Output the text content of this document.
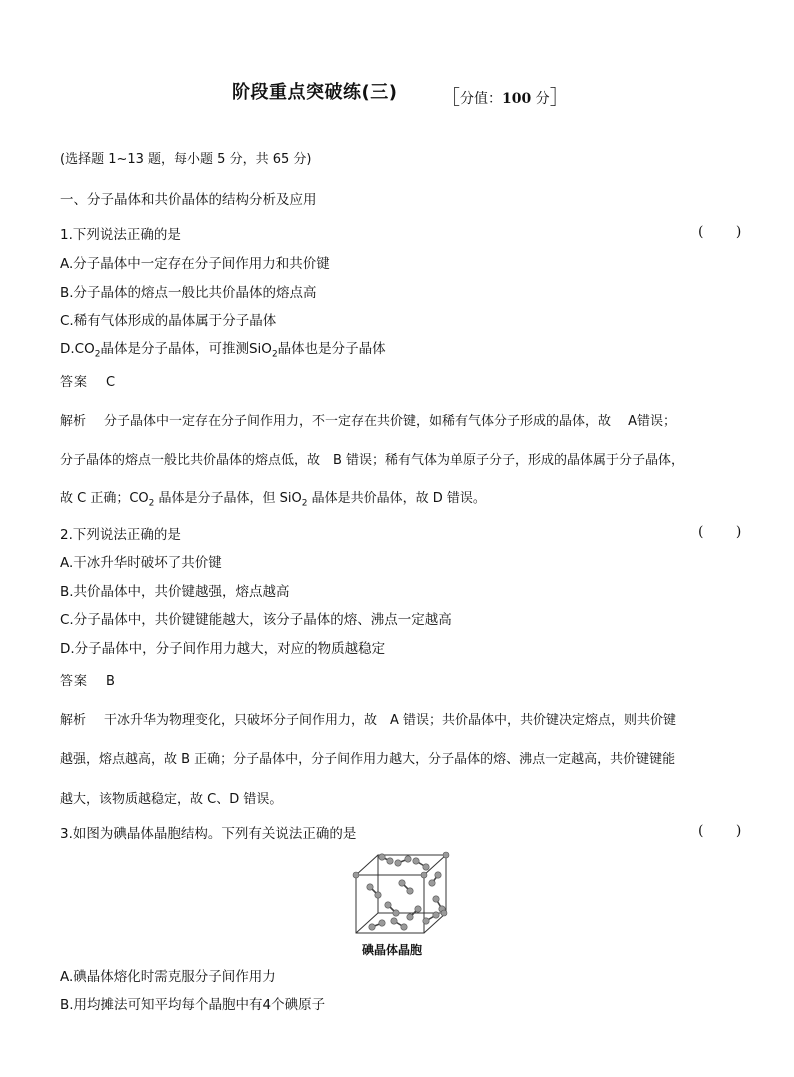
阶段重点突破练(三) ［分值：100 分］
(选择题 1~13 题，每小题 5 分，共 65 分)
一、分子晶体和共价晶体的结构分析及应用
1.下列说法正确的是	( )
A.分子晶体中一定存在分子间作用力和共价键
B.分子晶体的熔点一般比共价晶体的熔点高
C.稀有气体形成的晶体属于分子晶体
$D.CO_2$晶体是分子晶体，可推测SiO$_2$晶体也是分子晶体
答案 C
解析 分子晶体中一定存在分子间作用力，不一定存在共价键，如稀有气体分子形成的晶体，故　 A错误；
分子晶体的熔点一般比共价晶体的熔点低，故　B 错误；稀有气体为单原子分子，形成的晶体属于分子晶体，
故 C 正确；$CO_2$ 晶体是分子晶体，但 SiO$_2$ 晶体是共价晶体，故 D 错误。
2.下列说法正确的是	( )
A.干冰升华时破坏了共价键
B.共价晶体中，共价键越强，熔点越高
C.分子晶体中，共价键键能越大，该分子晶体的熔、沸点一定越高
D.分子晶体中，分子间作用力越大，对应的物质越稳定
答案 B
解析 干冰升华为物理变化，只破坏分子间作用力，故　A 错误；共价晶体中，共价键决定熔点，则共价键
越强，熔点越高，故 B 正确；分子晶体中，分子间作用力越大，分子晶体的熔、沸点一定越高，共价键键能
越大，该物质越稳定，故 C、D 错误。
3.如图为碘晶体晶胞结构。下列有关说法正确的是	( )
碘晶体晶胞
A.碘晶体熔化时需克服分子间作用力
B.用均摊法可知平均每个晶胞中有4个碘原子
